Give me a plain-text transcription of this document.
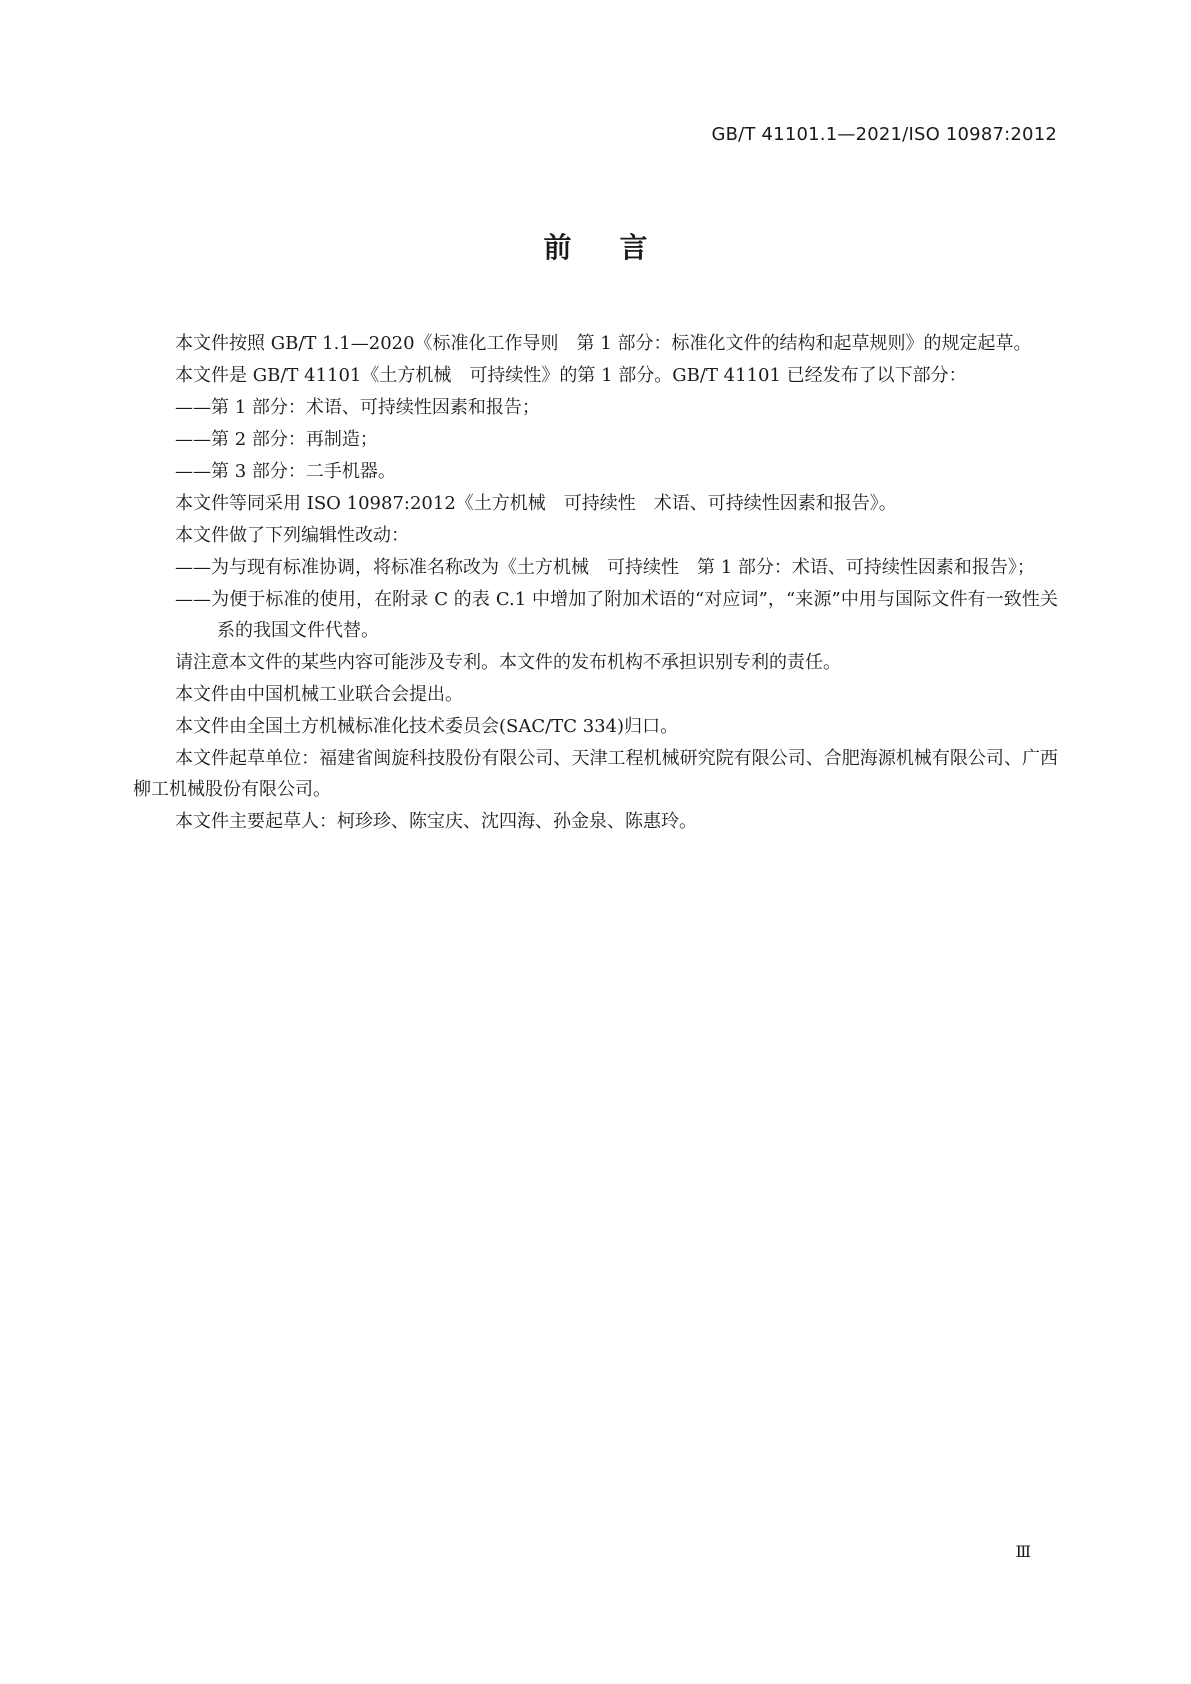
GB/T 41101.1—2021/ISO 10987:2012
前言

本文件按照 GB/T 1.1—2020《标准化工作导则　第 1 部分：标准化文件的结构和起草规则》的规定起草。

本文件是 GB/T 41101《土方机械　可持续性》的第 1 部分。GB/T 41101 已经发布了以下部分：

——第 1 部分：术语、可持续性因素和报告；

——第 2 部分：再制造；

——第 3 部分：二手机器。

本文件等同采用 ISO 10987:2012《土方机械　可持续性　术语、可持续性因素和报告》。

本文件做了下列编辑性改动：

——为与现有标准协调，将标准名称改为《土方机械　可持续性　第 1 部分：术语、可持续性因素和报告》；

——为便于标准的使用，在附录 C 的表 C.1 中增加了附加术语的“对应词”，“来源”中用与国际文件有一致性关系的我国文件代替。

请注意本文件的某些内容可能涉及专利。本文件的发布机构不承担识别专利的责任。

本文件由中国机械工业联合会提出。

本文件由全国土方机械标准化技术委员会(SAC/TC 334)归口。

本文件起草单位：福建省闽旋科技股份有限公司、天津工程机械研究院有限公司、合肥海源机械有限公司、广西柳工机械股份有限公司。

本文件主要起草人：柯珍珍、陈宝庆、沈四海、孙金泉、陈惠玲。

Ⅲ
